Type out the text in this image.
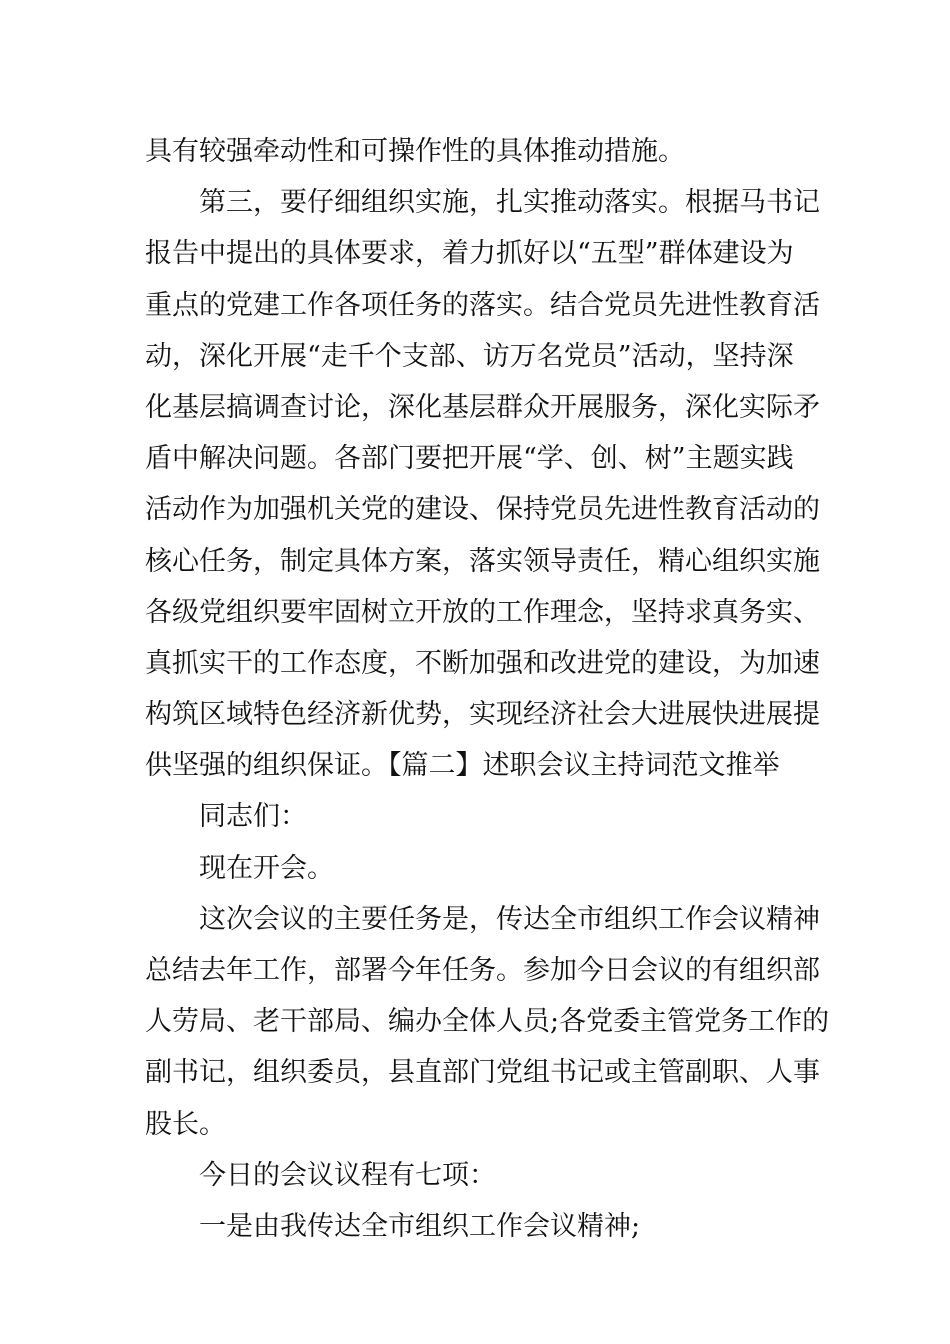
具有较强牵动性和可操作性的具体推动措施。
第三，要仔细组织实施，扎实推动落实。根据马书记
报告中提出的具体要求，着力抓好以“五型”群体建设为
重点的党建工作各项任务的落实。结合党员先进性教育活
动，深化开展“走千个支部、访万名党员”活动，坚持深
化基层搞调查讨论，深化基层群众开展服务，深化实际矛
盾中解决问题。各部门要把开展“学、创、树”主题实践
活动作为加强机关党的建设、保持党员先进性教育活动的
核心任务，制定具体方案，落实领导责任，精心组织实施
各级党组织要牢固树立开放的工作理念，坚持求真务实、
真抓实干的工作态度，不断加强和改进党的建设，为加速
构筑区域特色经济新优势，实现经济社会大进展快进展提
供坚强的组织保证。【篇二】述职会议主持词范文推举
同志们：
现在开会。
这次会议的主要任务是，传达全市组织工作会议精神
总结去年工作，部署今年任务。参加今日会议的有组织部
人劳局、老干部局、编办全体人员;各党委主管党务工作的
副书记，组织委员，县直部门党组书记或主管副职、人事
股长。
今日的会议议程有七项：
一是由我传达全市组织工作会议精神;
